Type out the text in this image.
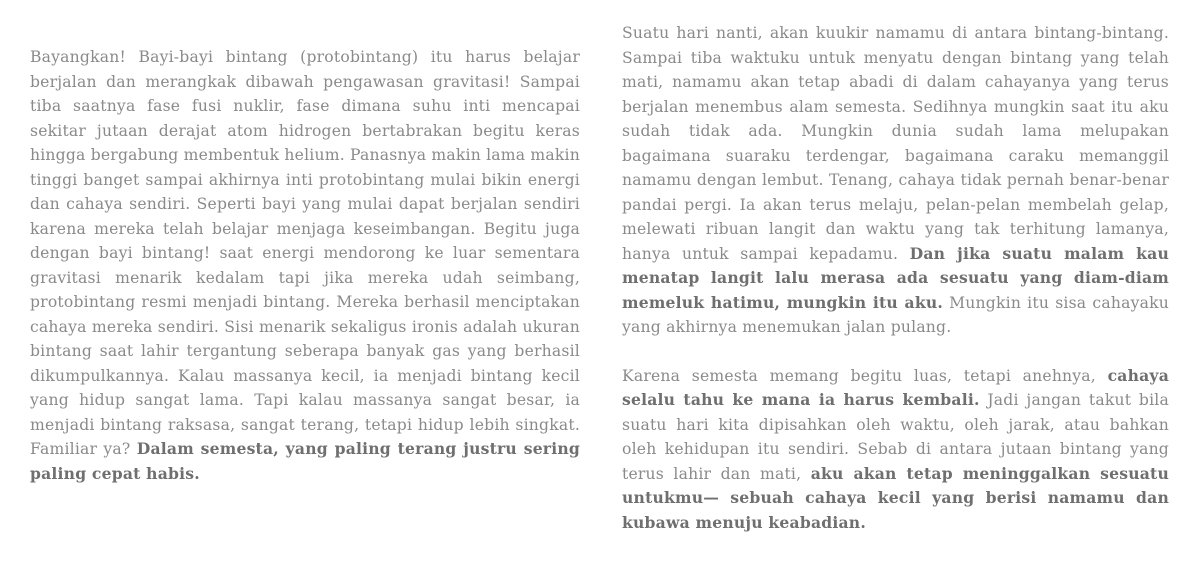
Bayangkan! Bayi-bayi bintang (protobintang) itu harus belajar berjalan dan merangkak dibawah pengawasan gravitasi! Sampai tiba saatnya fase fusi nuklir, fase dimana suhu inti mencapai sekitar jutaan derajat atom hidrogen bertabrakan begitu keras hingga bergabung membentuk helium. Panasnya makin lama makin tinggi banget sampai akhirnya inti protobintang mulai bikin energi dan cahaya sendiri. Seperti bayi yang mulai dapat berjalan sendiri karena mereka telah belajar menjaga keseimbangan. Begitu juga dengan bayi bintang! saat energi mendorong ke luar sementara gravitasi menarik kedalam tapi jika mereka udah seimbang, protobintang resmi menjadi bintang. Mereka berhasil menciptakan cahaya mereka sendiri. Sisi menarik sekaligus ironis adalah ukuran bintang saat lahir tergantung seberapa banyak gas yang berhasil dikumpulkannya. Kalau massanya kecil, ia menjadi bintang kecil yang hidup sangat lama. Tapi kalau massanya sangat besar, ia menjadi bintang raksasa, sangat terang, tetapi hidup lebih singkat. Familiar ya? Dalam semesta, yang paling terang justru sering paling cepat habis.

Suatu hari nanti, akan kuukir namamu di antara bintang-bintang. Sampai tiba waktuku untuk menyatu dengan bintang yang telah mati, namamu akan tetap abadi di dalam cahayanya yang terus berjalan menembus alam semesta. Sedihnya mungkin saat itu aku sudah tidak ada. Mungkin dunia sudah lama melupakan bagaimana suaraku terdengar, bagaimana caraku memanggil namamu dengan lembut. Tenang, cahaya tidak pernah benar-benar pandai pergi. Ia akan terus melaju, pelan-pelan membelah gelap, melewati ribuan langit dan waktu yang tak terhitung lamanya, hanya untuk sampai kepadamu. Dan jika suatu malam kau menatap langit lalu merasa ada sesuatu yang diam-diam memeluk hatimu, mungkin itu aku. Mungkin itu sisa cahayaku yang akhirnya menemukan jalan pulang.

Karena semesta memang begitu luas, tetapi anehnya, cahaya selalu tahu ke mana ia harus kembali. Jadi jangan takut bila suatu hari kita dipisahkan oleh waktu, oleh jarak, atau bahkan oleh kehidupan itu sendiri. Sebab di antara jutaan bintang yang terus lahir dan mati, aku akan tetap meninggalkan sesuatu untukmu— sebuah cahaya kecil yang berisi namamu dan kubawa menuju keabadian.
